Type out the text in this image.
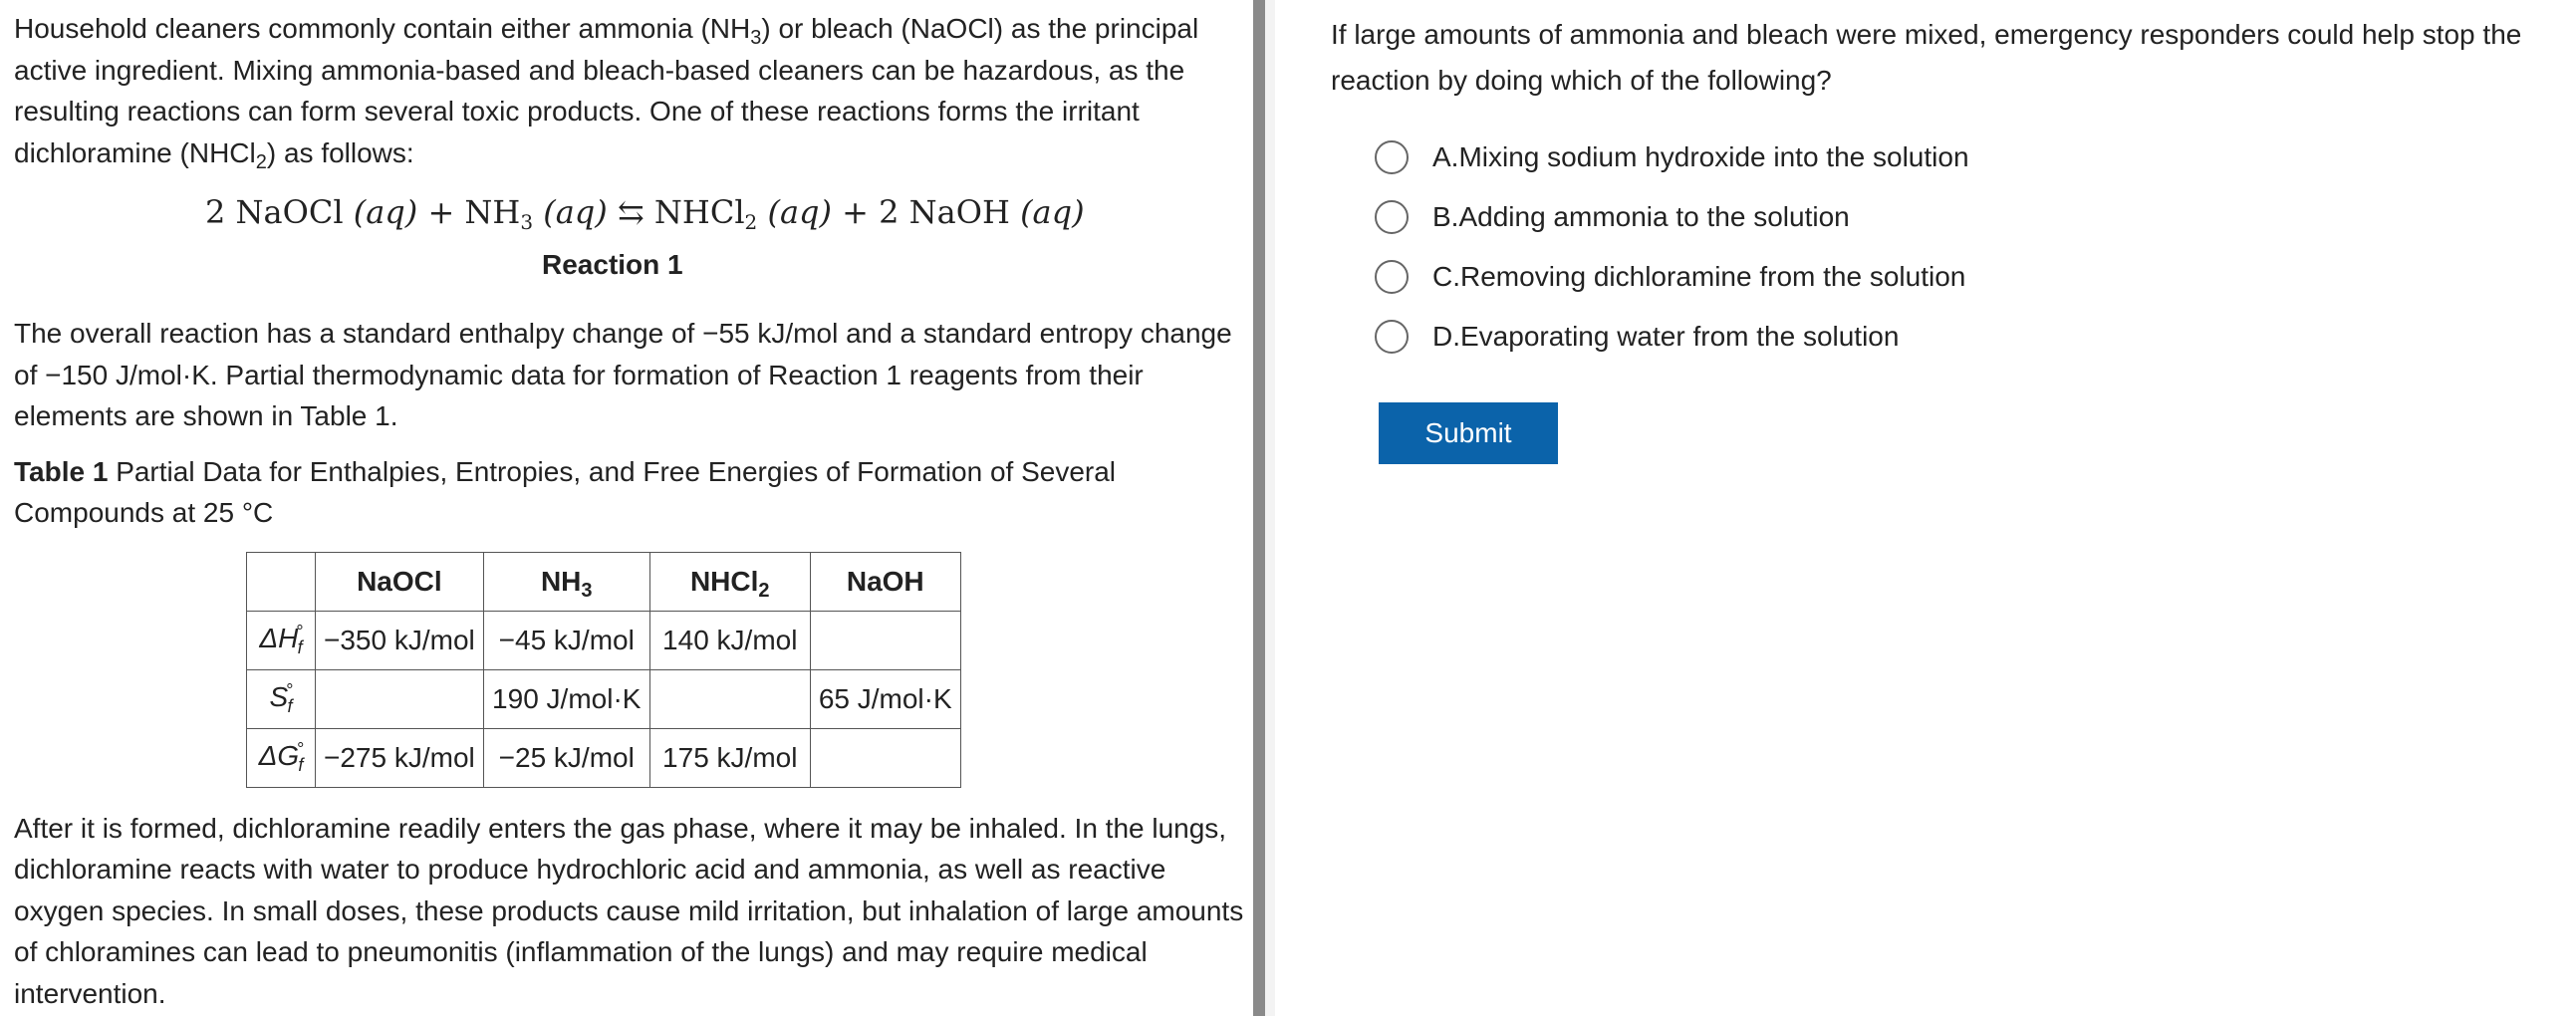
Household cleaners commonly contain either ammonia $(NH_3)$ or bleach (NaOCl) as the principal active ingredient. Mixing ammonia-based and bleach-based cleaners can be hazardous, as the resulting reactions can form several toxic products. One of these reactions forms the irritant dichloramine (NHCl$_2$) as follows:

2 NaOCl $(aq) + NH_3$ (aq) ⇆ NHCl$_2$ (aq) + 2 NaOH (aq)
Reaction 1

The overall reaction has a standard enthalpy change of −55 kJ/mol and a standard entropy change of −150 J/mol·K. Partial thermodynamic data for formation of Reaction 1 reagents from their elements are shown in Table 1.

Table 1 Partial Data for Enthalpies, Entropies, and Free Energies of Formation of Several Compounds at 25 °C

	NaOCl	$NH_3$	NHCl$_2$	NaOH
$\Delta H^\circ_f$	−350 kJ/mol	−45 kJ/mol	140 kJ/mol	
$S^\circ_f$		190 J/mol·K		65 J/mol·K
$\Delta G^\circ_f$	−275 kJ/mol	−25 kJ/mol	175 kJ/mol	

After it is formed, dichloramine readily enters the gas phase, where it may be inhaled. In the lungs, dichloramine reacts with water to produce hydrochloric acid and ammonia, as well as reactive oxygen species. In small doses, these products cause mild irritation, but inhalation of large amounts of chloramines can lead to pneumonitis (inflammation of the lungs) and may require medical intervention.

If large amounts of ammonia and bleach were mixed, emergency responders could help stop the reaction by doing which of the following?

A. Mixing sodium hydroxide into the solution
B. Adding ammonia to the solution
C. Removing dichloramine from the solution
D. Evaporating water from the solution
Submit
